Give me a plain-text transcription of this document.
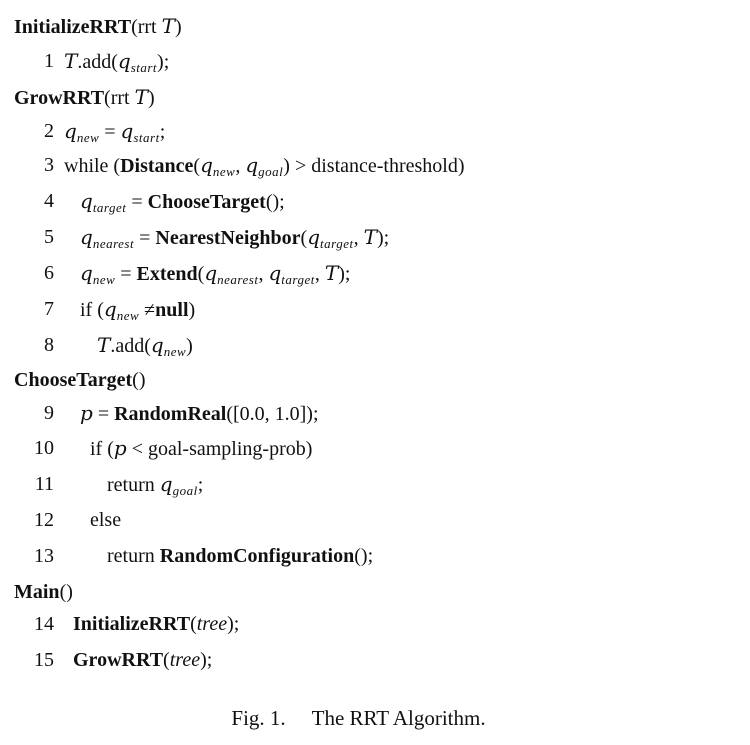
InitializeRRT(rrt T)
1 $T.add(q_{start})$;
GrowRRT(rrt T)
2 $q_{new} = q_{start}$;
3 while ($Distance(q_{new}$, $q_{goal}$) > distance-threshold)
4 $q_{target}$ = ChooseTarget();
5 $q_{nearest}$ = $NearestNeighbor(q_{target}$, T);
6 $q_{new}$ = $Extend(q_{nearest}$, $q_{target}$, T);
7 if ($q_{new}$ ≠null)
8 $T.add(q_{new})$
ChooseTarget()
9 p = RandomReal([0.0, 1.0]);
10 if (p < goal-sampling-prob)
11	return $q_{goal}$;
12 else
13	return RandomConfiguration();
Main()
14 InitializeRRT(tree);
15 GrowRRT(tree);
Fig. 1. The RRT Algorithm.
